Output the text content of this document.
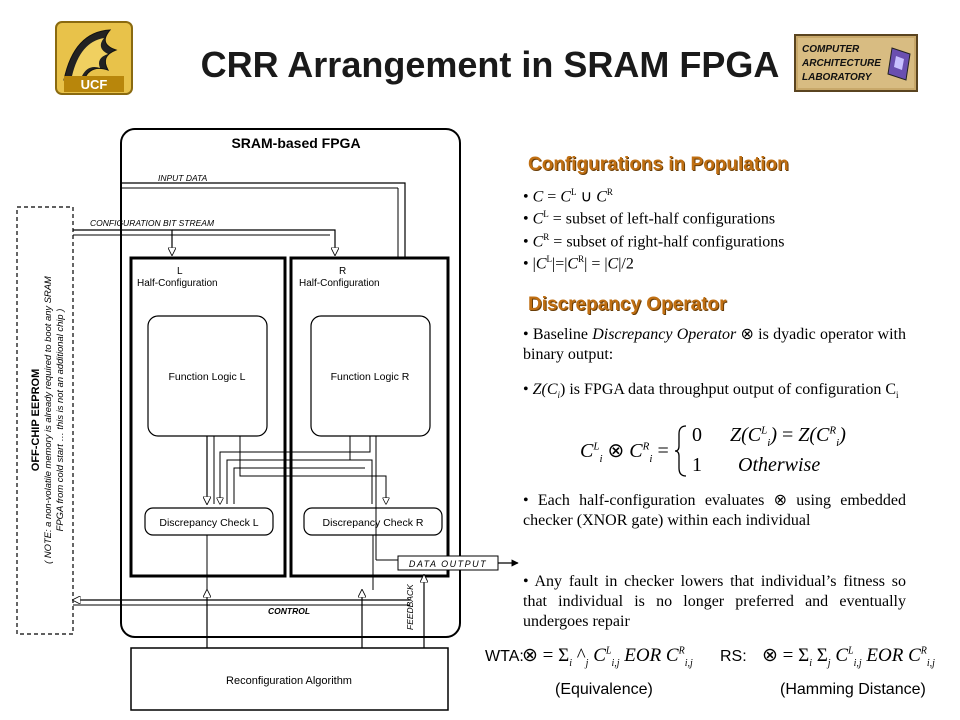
CRR Arrangement in SRAM FPGA
UCF
COMPUTER
ARCHITECTURE
LABORATORY
SRAM-based FPGA
OFF-CHIP EEPROM ( NOTE: a non-volatile memory is already required to boot any SRAM FPGA from cold start … this is not an additional chip )
INPUT DATA
CONFIGURATION BIT STREAM
L
Half-Configuration
R
Half-Configuration
Function Logic L	Function Logic R
Discrepancy Check L	Discrepancy Check R
DATA OUTPUT
CONTROL	FEEDBACK
Reconfiguration Algorithm
Configurations in Population
• $C = C^L$ ∪ $C^R$
• $C^L$ = subset of left-half configurations
• $C^R$ = subset of right-half configurations
• $|C^L|=|C^R| = |C|/2$
Discrepancy Operator
• Baseline Discrepancy Operator ⊗ is dyadic operator with binary output:
• $Z(C_i)$ is FPGA data throughput output of configuration $C_i$
$C^L_i$ ⊗ $C^R_i$ =
0 $Z(C^L_i) = Z(C^R_i)$
1 Otherwise
• Each half-configuration evaluates ⊗ using embedded checker (XNOR gate) within each individual
• Any fault in checker lowers that individual’s fitness so that individual is no longer preferred and eventually undergoes repair
WTA:
⊗ = $\Sigma_i$ $\^{}_j$ $C^L_{i,j}$ EOR $C^R_{i,j}$ RS: ⊗ = $\Sigma_i$ $\Sigma_j$ $C^L_{i,j}$ EOR $C^R_{i,j}$
(Equivalence)	(Hamming Distance)
